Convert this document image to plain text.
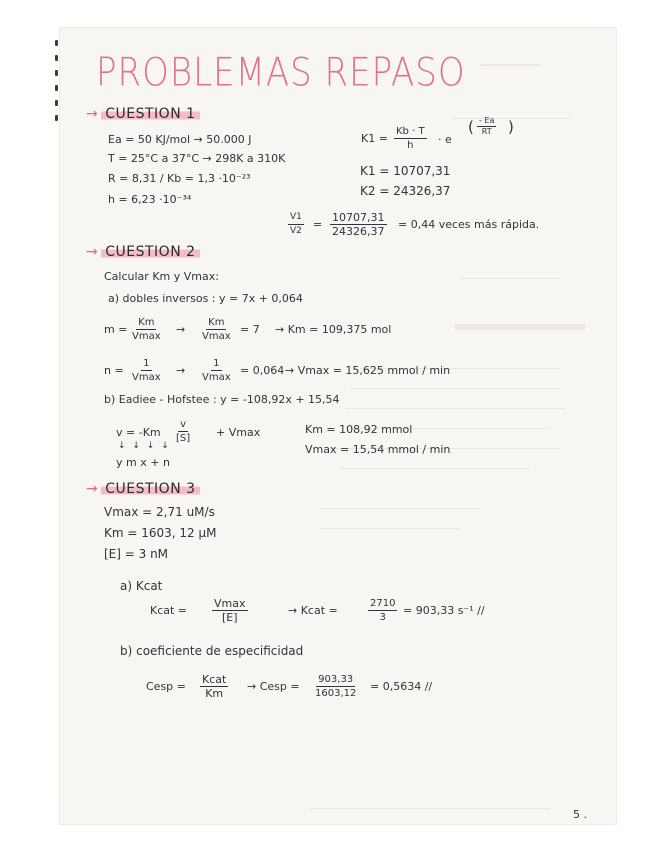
PROBLEMAS REPASO
→ CUESTION 1
Ea = 50 KJ/mol → 50.000 J
T = 25°C a 37°C → 298K a 310K
R = 8,31 / Kb = 1,3 ·10⁻²³
h = 6,23 ·10⁻³⁴
$K1 = \frac{Kb \cdot T}{h} \cdot e$
( $\frac{- Ea}{RT}$ )
K1 = 10707,31
K2 = 24326,37
$\frac{V1}{V2} = \frac{10707,31}{24326,37} = 0,44$ veces más rápida.
→ CUESTION 2
Calcular Km y Vmax:
a) dobles inversos : y = 7x + 0,064
m =
Km
Vmax
→
Km
Vmax
= 7 → Km = 109,375 mol
n =
1
Vmax
→
1
Vmax
= 0,064 → Vmax = 15,625 mmol / min
b) Eadiee - Hofstee : y = -108,92x + 15,54
$v = -Km \frac{v}{[S]} + Vmax$
↓ ↓ ↓ ↓
y m x + n
Km = 108,92 mmol
Vmax = 15,54 mmol / min
→ CUESTION 3
Vmax = 2,71 uM/s
Km = 1603, 12 μM
[E] = 3 nM
a) Kcat
Kcat =
Vmax
[E]
→ Kcat =	$\frac{2710}{3} = 903,33$ s⁻¹ //
b) coeficiente de especificidad
Cesp =
Kcat
Km
→ Cesp = $\frac{903,33}{1603,12} = 0,5634$ //
5 .
